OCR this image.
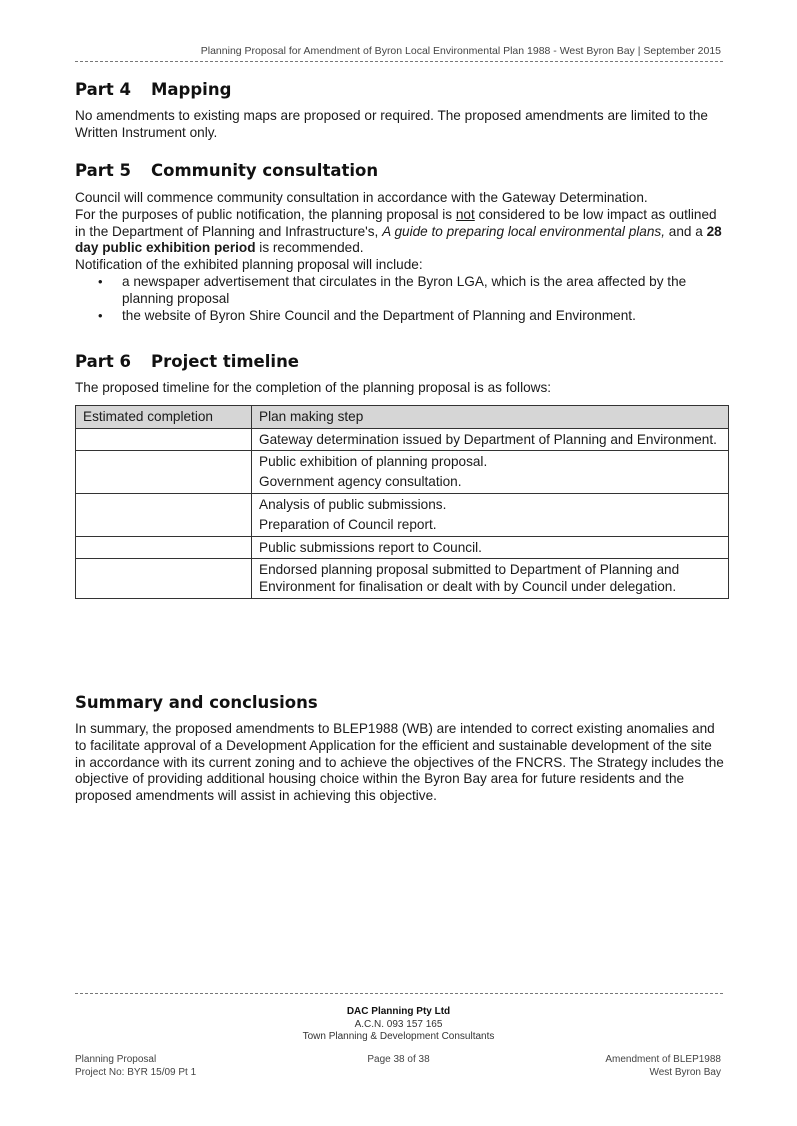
Planning Proposal for Amendment of Byron Local Environmental Plan 1988 - West Byron Bay | September 2015
Part 4 Mapping

No amendments to existing maps are proposed or required. The proposed amendments are limited to the Written Instrument only.

Part 5 Community consultation

Council will commence community consultation in accordance with the Gateway Determination.

For the purposes of public notification, the planning proposal is not considered to be low impact as outlined in the Department of Planning and Infrastructure's, A guide to preparing local environmental plans, and a 28 day public exhibition period is recommended.

Notification of the exhibited planning proposal will include:

• a newspaper advertisement that circulates in the Byron LGA, which is the area affected by the planning proposal
• the website of Byron Shire Council and the Department of Planning and Environment.
Part 6 Project timeline

The proposed timeline for the completion of the planning proposal is as follows:

Estimated completion	Plan making step

	Gateway determination issued by Department of Planning and Environment.

	Public exhibition of planning proposal.
Government agency consultation.

	Analysis of public submissions.
Preparation of Council report.

	Public submissions report to Council.

	Endorsed planning proposal submitted to Department of Planning and Environment for finalisation or dealt with by Council under delegation.
Summary and conclusions

In summary, the proposed amendments to BLEP1988 (WB) are intended to correct existing anomalies and to facilitate approval of a Development Application for the efficient and sustainable development of the site in accordance with its current zoning and to achieve the objectives of the FNCRS. The Strategy includes the objective of providing additional housing choice within the Byron Bay area for future residents and the proposed amendments will assist in achieving this objective.

DAC Planning Pty Ltd
A.C.N. 093 157 165
Town Planning & Development Consultants
Planning Proposal
Project No: BYR 15/09 Pt 1
Page 38 of 38	Amendment of BLEP1988
West Byron Bay
